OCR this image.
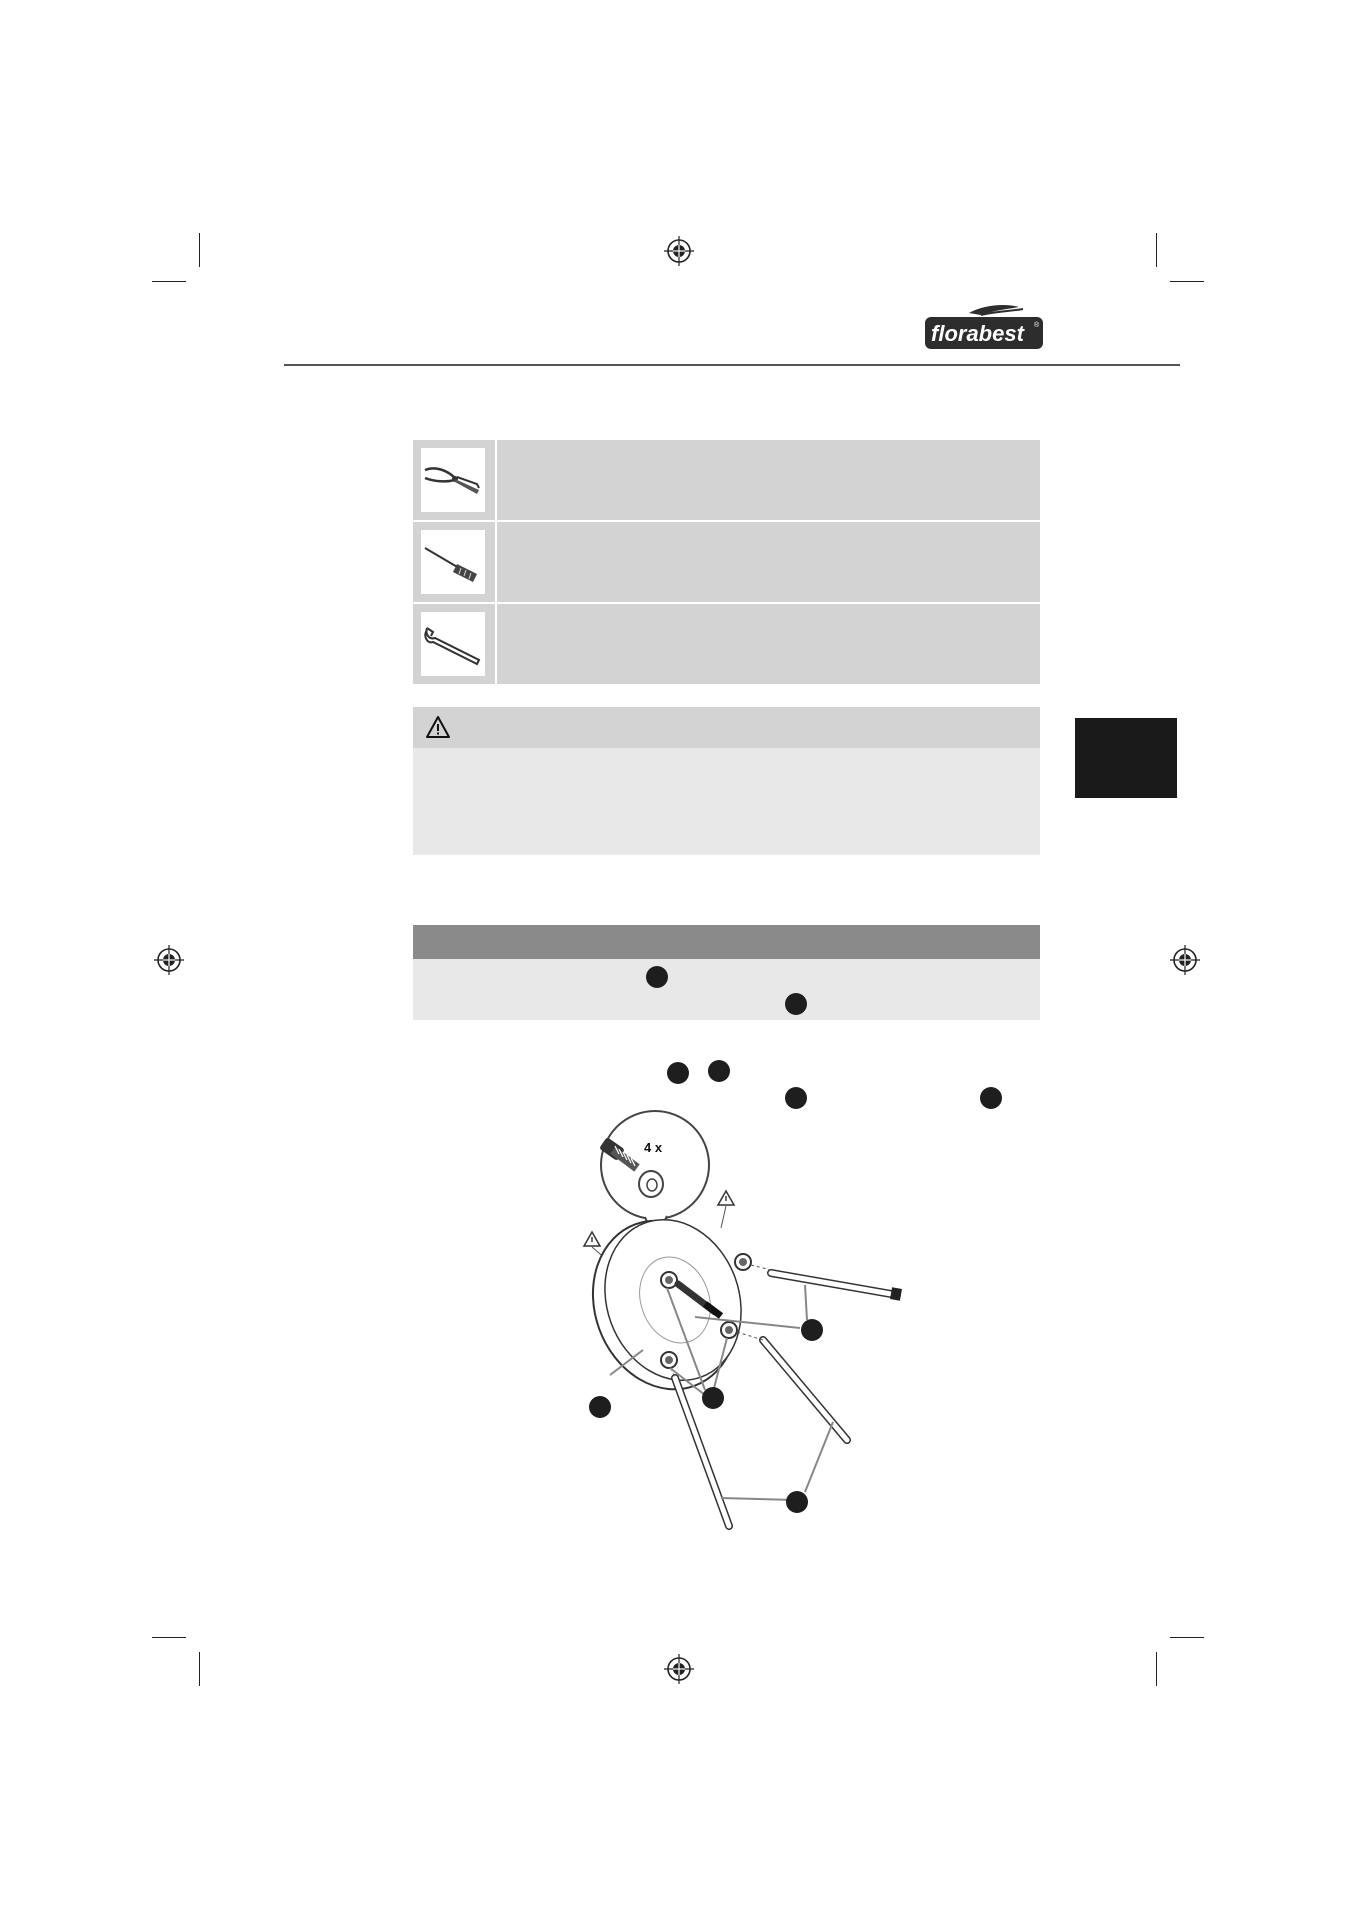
florabest ®
4 x
